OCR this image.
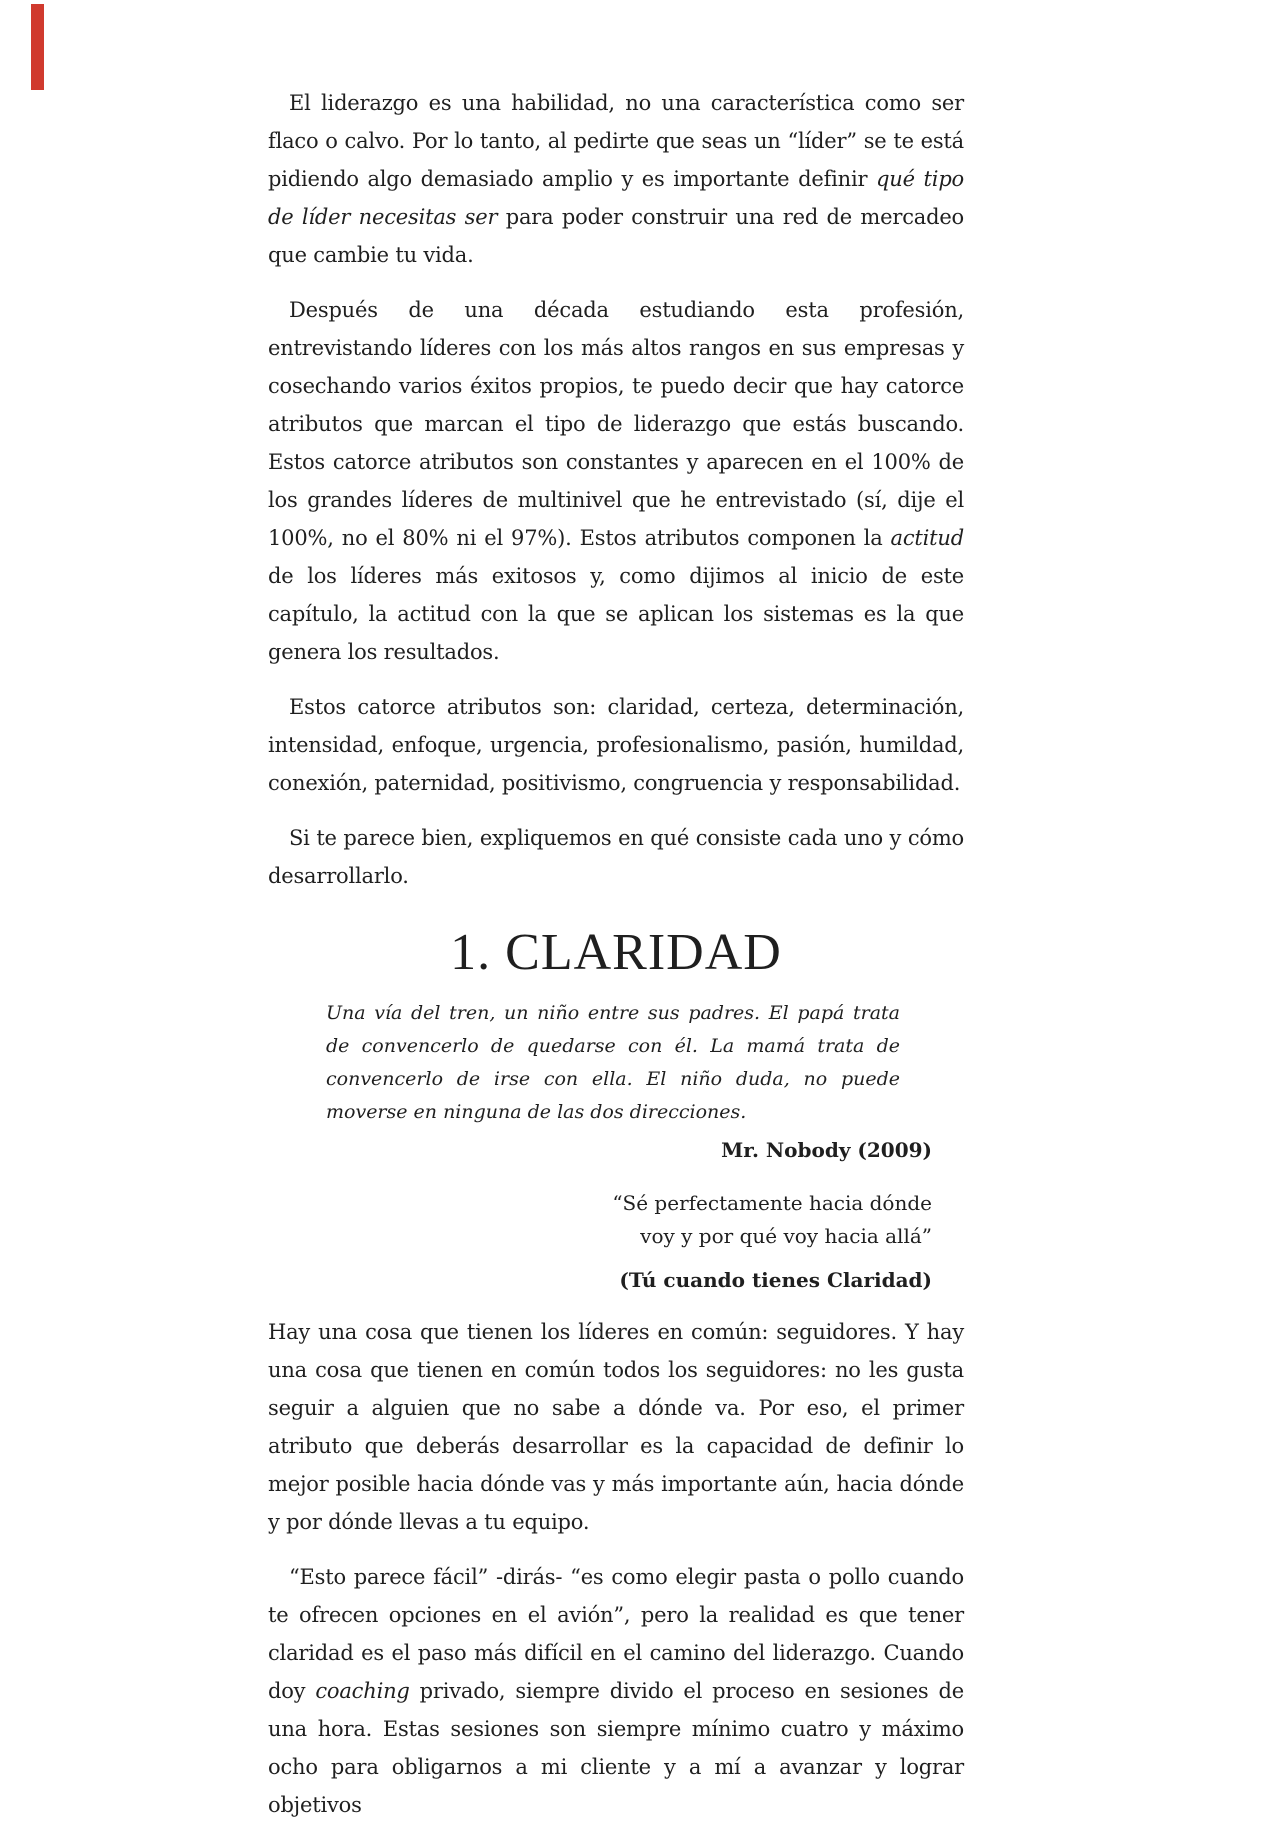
El liderazgo es una habilidad, no una característica como ser flaco o calvo. Por lo tanto, al pedirte que seas un “líder” se te está pidiendo algo demasiado amplio y es importante definir qué tipo de líder necesitas ser para poder construir una red de mercadeo que cambie tu vida.

Después de una década estudiando esta profesión, entrevistando líderes con los más altos rangos en sus empresas y cosechando varios éxitos propios, te puedo decir que hay catorce atributos que marcan el tipo de liderazgo que estás buscando. Estos catorce atributos son constantes y aparecen en el 100% de los grandes líderes de multinivel que he entrevistado (sí, dije el 100%, no el 80% ni el 97%). Estos atributos componen la actitud de los líderes más exitosos y, como dijimos al inicio de este capítulo, la actitud con la que se aplican los sistemas es la que genera los resultados.

Estos catorce atributos son: claridad, certeza, determinación, intensidad, enfoque, urgencia, profesionalismo, pasión, humildad, conexión, paternidad, positivismo, congruencia y responsabilidad.

Si te parece bien, expliquemos en qué consiste cada uno y cómo desarrollarlo.

1. CLARIDAD
Una vía del tren, un niño entre sus padres. El papá trata de convencerlo de quedarse con él. La mamá trata de convencerlo de irse con ella. El niño duda, no puede moverse en ninguna de las dos direcciones.
Mr. Nobody (2009)
“Sé perfectamente hacia dónde
voy y por qué voy hacia allá”
(Tú cuando tienes Claridad)

Hay una cosa que tienen los líderes en común: seguidores. Y hay una cosa que tienen en común todos los seguidores: no les gusta seguir a alguien que no sabe a dónde va. Por eso, el primer atributo que deberás desarrollar es la capacidad de definir lo mejor posible hacia dónde vas y más importante aún, hacia dónde y por dónde llevas a tu equipo.

“Esto parece fácil” -dirás- “es como elegir pasta o pollo cuando te ofrecen opciones en el avión”, pero la realidad es que tener claridad es el paso más difícil en el camino del liderazgo. Cuando doy coaching privado, siempre divido el proceso en sesiones de una hora. Estas sesiones son siempre mínimo cuatro y máximo ocho para obligarnos a mi cliente y a mí a avanzar y lograr objetivos
